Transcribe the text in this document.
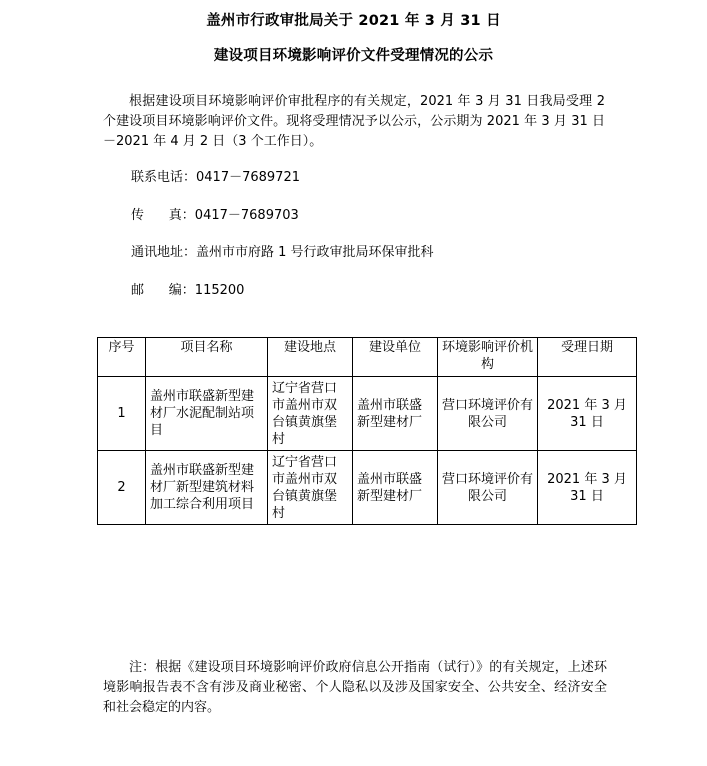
盖州市行政审批局关于 2021 年 3 月 31 日
建设项目环境影响评价文件受理情况的公示
根据建设项目环境影响评价审批程序的有关规定，2021 年 3 月 31 日我局受理 2 个建设项目环境影响评价文件。现将受理情况予以公示，公示期为 2021 年 3 月 31 日－2021 年 4 月 2 日（3 个工作日）。
联系电话：0417－7689721
传      真：0417－7689703
通讯地址：盖州市市府路 1 号行政审批局环保审批科
邮      编：115200
序号	项目名称	建设地点	建设单位	环境影响评价机构	受理日期
1	盖州市联盛新型建材厂水泥配制站项目	辽宁省营口市盖州市双台镇黄旗堡村	盖州市联盛新型建材厂	营口环境评价有限公司	2021 年 3 月 31 日
2	盖州市联盛新型建材厂新型建筑材料加工综合利用项目	辽宁省营口市盖州市双台镇黄旗堡村	盖州市联盛新型建材厂	营口环境评价有限公司	2021 年 3 月 31 日
注：根据《建设项目环境影响评价政府信息公开指南（试行）》的有关规定，上述环境影响报告表不含有涉及商业秘密、个人隐私以及涉及国家安全、公共安全、经济安全和社会稳定的内容。
